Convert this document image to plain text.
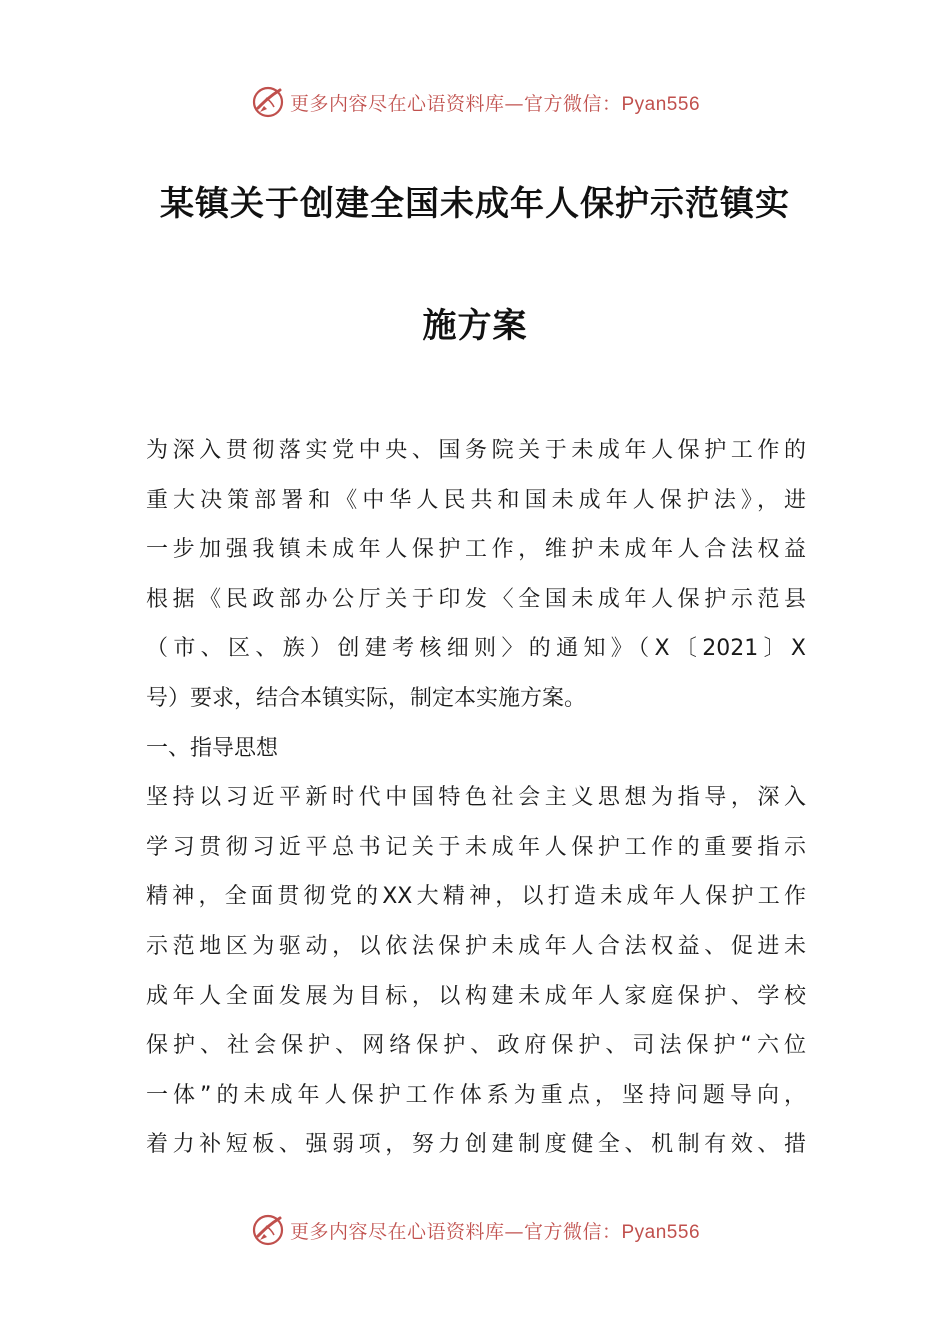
更多内容尽在心语资料库—官方微信：Pyan556
某镇关于创建全国未成年人保护示范镇实
施方案
为深入贯彻落实党中央、国务院关于未成年人保护工作的
重大决策部署和《中华人民共和国未成年人保护法》，进
一步加强我镇未成年人保护工作，维护未成年人合法权益
根据《民政部办公厅关于印发〈全国未成年人保护示范县
（市、区、族）创建考核细则〉的通知》（X〔2021〕X
号）要求，结合本镇实际，制定本实施方案。
一、指导思想
坚持以习近平新时代中国特色社会主义思想为指导，深入
学习贯彻习近平总书记关于未成年人保护工作的重要指示
精神，全面贯彻党的XX大精神，以打造未成年人保护工作
示范地区为驱动，以依法保护未成年人合法权益、促进未
成年人全面发展为目标，以构建未成年人家庭保护、学校
保护、社会保护、网络保护、政府保护、司法保护“六位
一体”的未成年人保护工作体系为重点，坚持问题导向，
着力补短板、强弱项，努力创建制度健全、机制有效、措
更多内容尽在心语资料库—官方微信：Pyan556
